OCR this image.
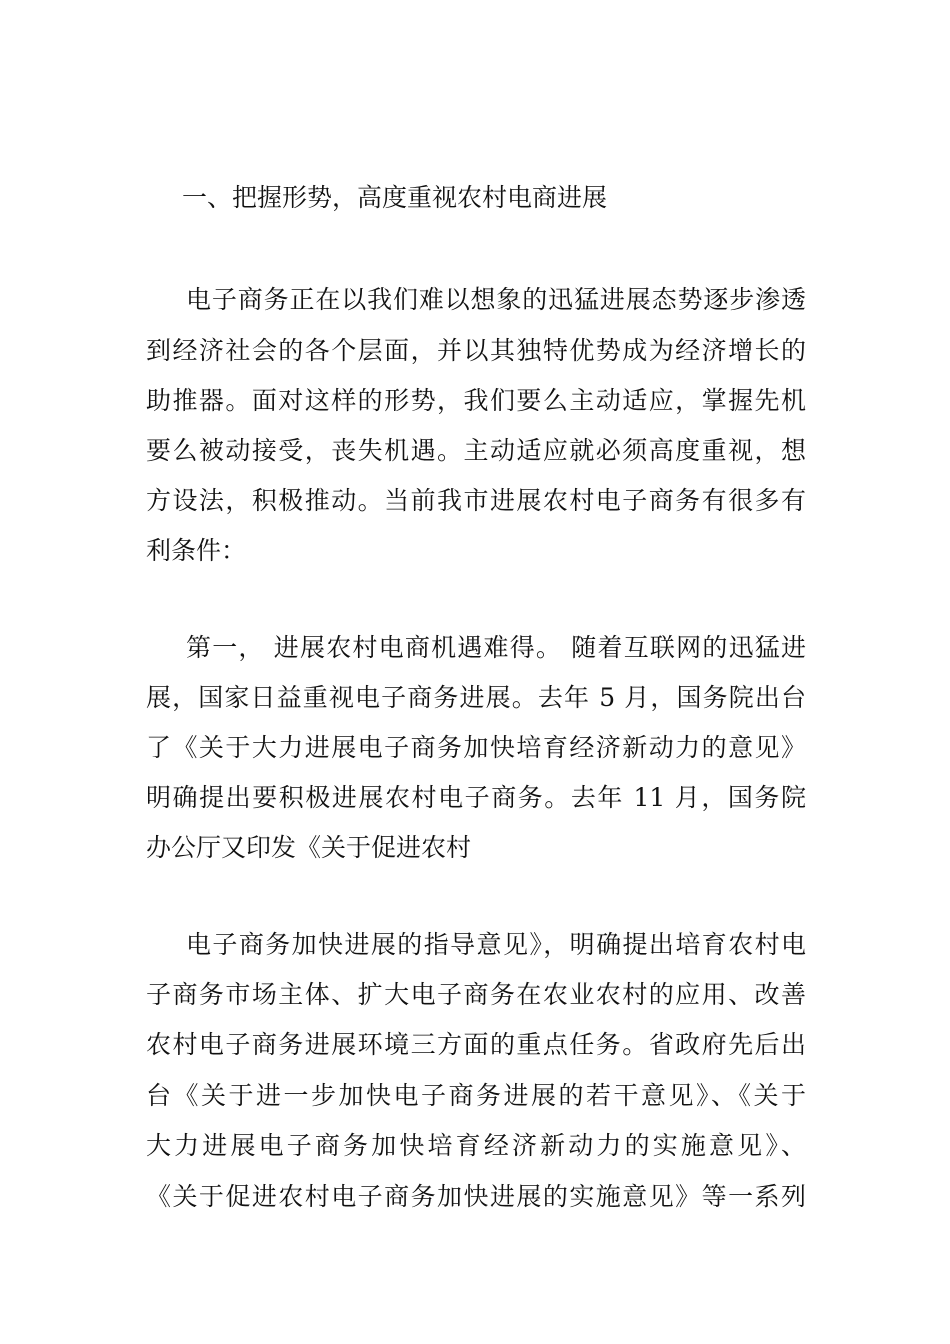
一、把握形势，高度重视农村电商进展
电子商务正在以我们难以想象的迅猛进展态势逐步渗透
到经济社会的各个层面，并以其独特优势成为经济增长的
助推器。面对这样的形势，我们要么主动适应，掌握先机
要么被动接受，丧失机遇。主动适应就必须高度重视，想
方设法，积极推动。当前我市进展农村电子商务有很多有
利条件：
第一， 进展农村电商机遇难得。 随着互联网的迅猛进
展，国家日益重视电子商务进展。去年 5 月，国务院出台
了《关于大力进展电子商务加快培育经济新动力的意见》
明确提出要积极进展农村电子商务。去年 11 月，国务院
办公厅又印发《关于促进农村
电子商务加快进展的指导意见》，明确提出培育农村电
子商务市场主体、扩大电子商务在农业农村的应用、改善
农村电子商务进展环境三方面的重点任务。省政府先后出
台《关于进一步加快电子商务进展的若干意见》、《关于
大力进展电子商务加快培育经济新动力的实施意见》、
《关于促进农村电子商务加快进展的实施意见》等一系列
